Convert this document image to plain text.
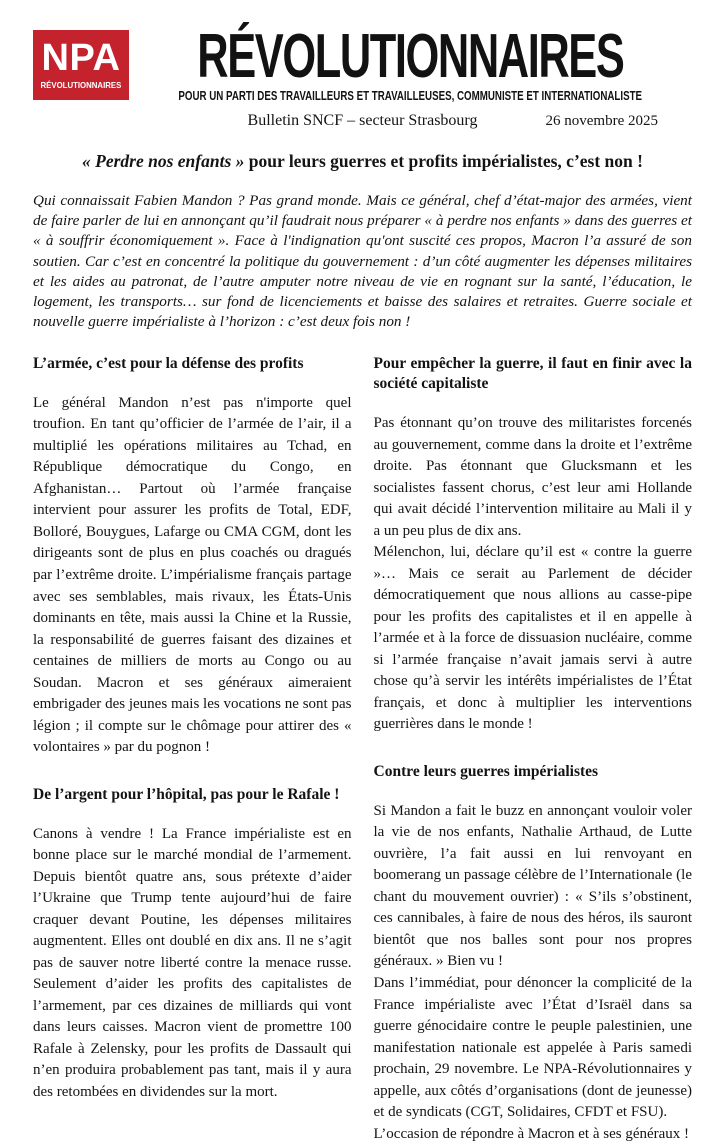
NPA
RÉVOLUTIONNAIRES RÉVOLUTIONNAIRES
POUR UN PARTI DES TRAVAILLEURS ET TRAVAILLEUSES, COMMUNISTE ET INTERNATIONALISTE
Bulletin SNCF – secteur Strasbourg	26 novembre 2025
« Perdre nos enfants » pour leurs guerres et profits impérialistes, c’est non !

Qui connaissait Fabien Mandon ? Pas grand monde. Mais ce général, chef d’état-major des armées, vient de faire parler de lui en annonçant qu’il faudrait nous préparer « à perdre nos enfants » dans des guerres et « à souffrir économiquement ». Face à l'indignation qu'ont suscité ces propos, Macron l’a assuré de son soutien. Car c’est en concentré la politique du gouvernement : d’un côté augmenter les dépenses militaires et les aides au patronat, de l’autre amputer notre niveau de vie en rognant sur la santé, l’éducation, le logement, les transports… sur fond de licenciements et baisse des salaires et retraites. Guerre sociale et nouvelle guerre impérialiste à l’horizon : c’est deux fois non !

L’armée, c’est pour la défense des profits

Le général Mandon n’est pas n'importe quel troufion. En tant qu’officier de l’armée de l’air, il a multiplié les opérations militaires au Tchad, en République démocratique du Congo, en Afghanistan… Partout où l’armée française intervient pour assurer les profits de Total, EDF, Bolloré, Bouygues, Lafarge ou CMA CGM, dont les dirigeants sont de plus en plus coachés ou dragués par l’extrême droite. L’impérialisme français partage avec ses semblables, mais rivaux, les États-Unis dominants en tête, mais aussi la Chine et la Russie, la responsabilité de guerres faisant des dizaines et centaines de milliers de morts au Congo ou au Soudan. Macron et ses généraux aimeraient embrigader des jeunes mais les vocations ne sont pas légion ; il compte sur le chômage pour attirer des « volontaires » par du pognon !

De l’argent pour l’hôpital, pas pour le Rafale !

Canons à vendre ! La France impérialiste est en bonne place sur le marché mondial de l’armement. Depuis bientôt quatre ans, sous prétexte d’aider l’Ukraine que Trump tente aujourd’hui de faire craquer devant Poutine, les dépenses militaires augmentent. Elles ont doublé en dix ans. Il ne s’agit pas de sauver notre liberté contre la menace russe. Seulement d’aider les profits des capitalistes de l’armement, par ces dizaines de milliards qui vont dans leurs caisses. Macron vient de promettre 100 Rafale à Zelensky, pour les profits de Dassault qui n’en produira probablement pas tant, mais il y aura des retombées en dividendes sur la mort.

Pour empêcher la guerre, il faut en finir avec la société capitaliste

Pas étonnant qu’on trouve des militaristes forcenés au gouvernement, comme dans la droite et l’extrême droite. Pas étonnant que Glucksmann et les socialistes fassent chorus, c’est leur ami Hollande qui avait décidé l’intervention militaire au Mali il y a un peu plus de dix ans.

Mélenchon, lui, déclare qu’il est « contre la guerre »… Mais ce serait au Parlement de décider démocratiquement que nous allions au casse-pipe pour les profits des capitalistes et il en appelle à l’armée et à la force de dissuasion nucléaire, comme si l’armée française n’avait jamais servi à autre chose qu’à servir les intérêts impérialistes de l’État français, et donc à multiplier les interventions guerrières dans le monde !

Contre leurs guerres impérialistes

Si Mandon a fait le buzz en annonçant vouloir voler la vie de nos enfants, Nathalie Arthaud, de Lutte ouvrière, l’a fait aussi en lui renvoyant en boomerang un passage célèbre de l’Internationale (le chant du mouvement ouvrier) : « S’ils s’obstinent, ces cannibales, à faire de nous des héros, ils sauront bientôt que nos balles sont pour nos propres généraux. » Bien vu !

Dans l’immédiat, pour dénoncer la complicité de la France impérialiste avec l’État d’Israël dans sa guerre génocidaire contre le peuple palestinien, une manifestation nationale est appelée à Paris samedi prochain, 29 novembre. Le NPA-Révolutionnaires y appelle, aux côtés d’organisations (dont de jeunesse) et de syndicats (CGT, Solidaires, CFDT et FSU).

L’occasion de répondre à Macron et à ses généraux !
